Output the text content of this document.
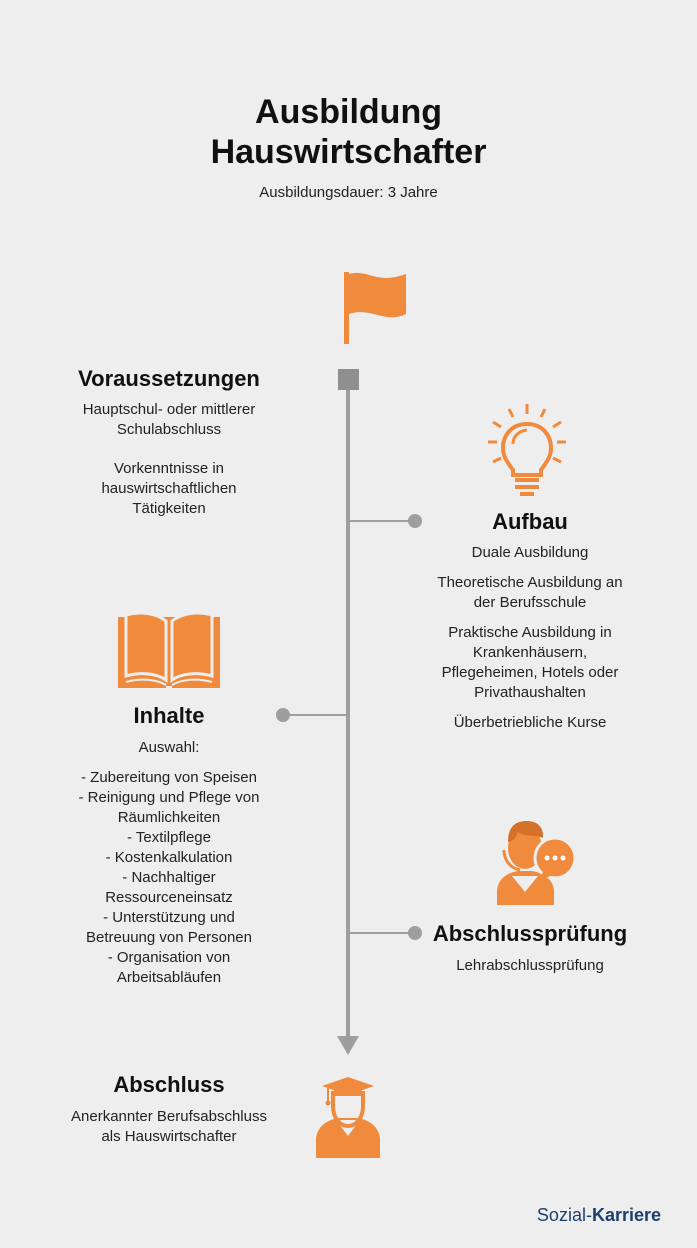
Ausbildung
Hauswirtschafter
Ausbildungsdauer: 3 Jahre
Voraussetzungen
Hauptschul- oder mittlerer
Schulabschluss
Vorkenntnisse in
hauswirtschaftlichen
Tätigkeiten
Aufbau
Duale Ausbildung
Theoretische Ausbildung an
der Berufsschule
Praktische Ausbildung in
Krankenhäusern,
Pflegeheimen, Hotels oder
Privathaushalten
Überbetriebliche Kurse
Inhalte
Auswahl:
- Zubereitung von Speisen
- Reinigung und Pflege von
Räumlichkeiten
- Textilpflege
- Kostenkalkulation
- Nachhaltiger
Ressourceneinsatz
- Unterstützung und
Betreuung von Personen
- Organisation von
Arbeitsabläufen
Abschlussprüfung
Lehrabschlussprüfung
Abschluss
Anerkannter Berufsabschluss
als Hauswirtschafter
Sozial-Karriere
